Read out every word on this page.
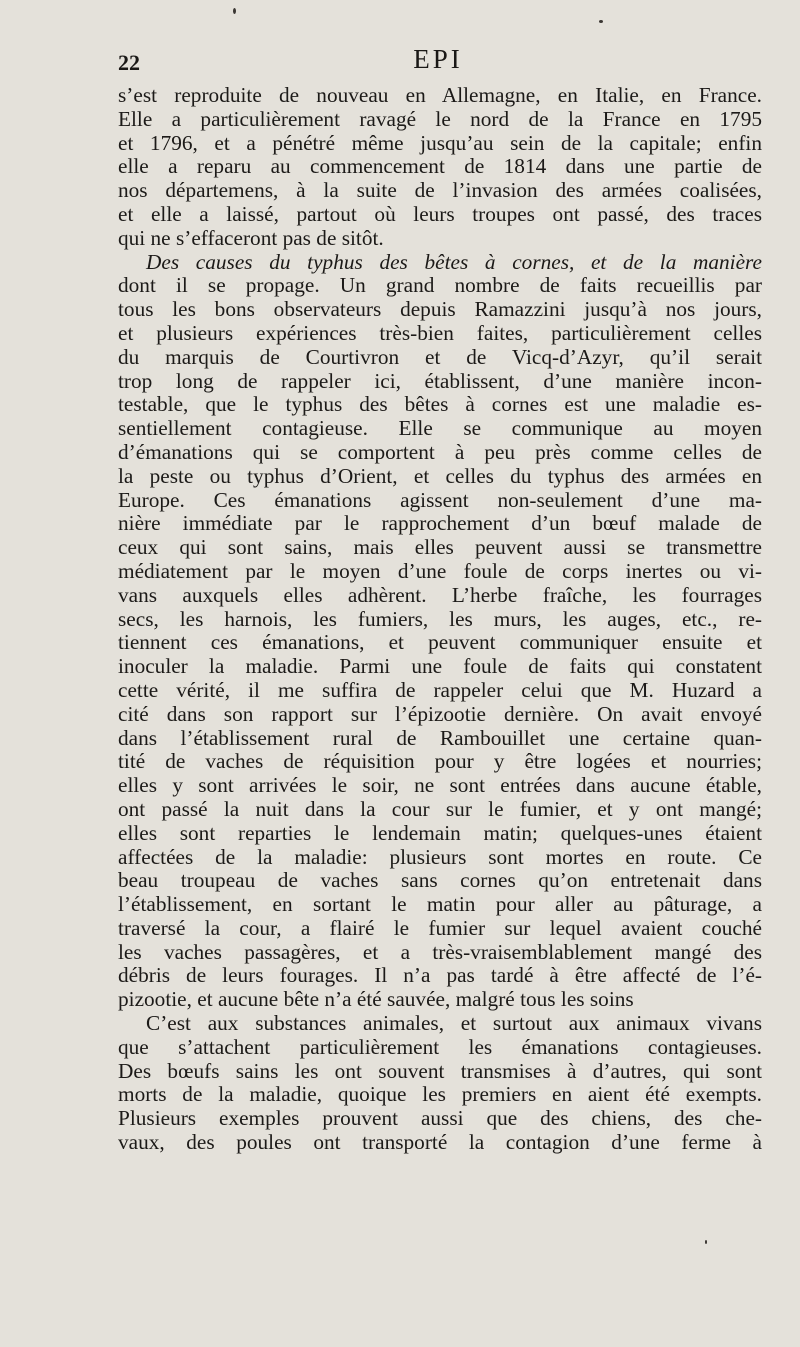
22	EPI

s’est reproduite de nouveau en Allemagne, en Italie, en France.

Elle a particulièrement ravagé le nord de la France en 1795

et 1796, et a pénétré même jusqu’au sein de la capitale; enfin

elle a reparu au commencement de 1814 dans une partie de

nos départemens, à la suite de l’invasion des armées coalisées,

et elle a laissé, partout où leurs troupes ont passé, des traces

qui ne s’effaceront pas de sitôt.

Des causes du typhus des bêtes à cornes, et de la manière

dont il se propage. Un grand nombre de faits recueillis par

tous les bons observateurs depuis Ramazzini jusqu’à nos jours,

et plusieurs expériences très-bien faites, particulièrement celles

du marquis de Courtivron et de Vicq-d’Azyr, qu’il serait

trop long de rappeler ici, établissent, d’une manière incon-

testable, que le typhus des bêtes à cornes est une maladie es-

sentiellement contagieuse. Elle se communique au moyen

d’émanations qui se comportent à peu près comme celles de

la peste ou typhus d’Orient, et celles du typhus des armées en

Europe. Ces émanations agissent non-seulement d’une ma-

nière immédiate par le rapprochement d’un bœuf malade de

ceux qui sont sains, mais elles peuvent aussi se transmettre

médiatement par le moyen d’une foule de corps inertes ou vi-

vans auxquels elles adhèrent. L’herbe fraîche, les fourrages

secs, les harnois, les fumiers, les murs, les auges, etc., re-

tiennent ces émanations, et peuvent communiquer ensuite et

inoculer la maladie. Parmi une foule de faits qui constatent

cette vérité, il me suffira de rappeler celui que M. Huzard a

cité dans son rapport sur l’épizootie dernière. On avait envoyé

dans l’établissement rural de Rambouillet une certaine quan-

tité de vaches de réquisition pour y être logées et nourries;

elles y sont arrivées le soir, ne sont entrées dans aucune étable,

ont passé la nuit dans la cour sur le fumier, et y ont mangé;

elles sont reparties le lendemain matin; quelques-unes étaient

affectées de la maladie: plusieurs sont mortes en route. Ce

beau troupeau de vaches sans cornes qu’on entretenait dans

l’établissement, en sortant le matin pour aller au pâturage, a

traversé la cour, a flairé le fumier sur lequel avaient couché

les vaches passagères, et a très-vraisemblablement mangé des

débris de leurs fourages. Il n’a pas tardé à être affecté de l’é-

pizootie, et aucune bête n’a été sauvée, malgré tous les soins

C’est aux substances animales, et surtout aux animaux vivans

que s’attachent particulièrement les émanations contagieuses.

Des bœufs sains les ont souvent transmises à d’autres, qui sont

morts de la maladie, quoique les premiers en aient été exempts.

Plusieurs exemples prouvent aussi que des chiens, des che-

vaux, des poules ont transporté la contagion d’une ferme à
